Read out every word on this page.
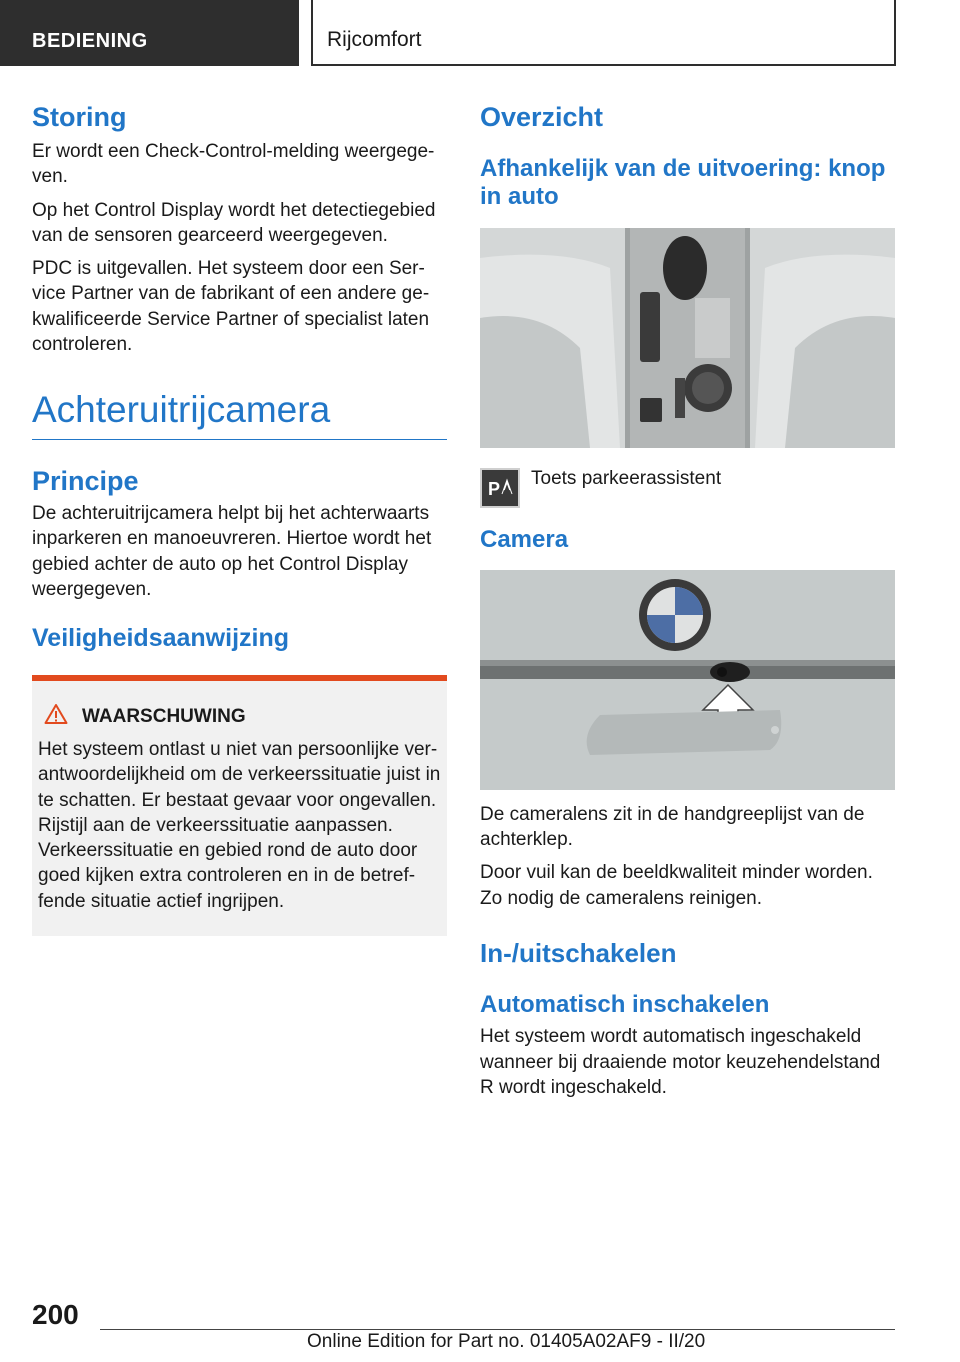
BEDIENING	Rijcomfort
Storing

Er wordt een Check-Control-melding weergegeven.

Op het Control Display wordt het detectiegebied van de sensoren gearceerd weergegeven.

PDC is uitgevallen. Het systeem door een Service Partner van de fabrikant of een andere gekwalificeerde Service Partner of specialist laten controleren.

Achteruitrijcamera
Principe

De achteruitrijcamera helpt bij het achterwaarts inparkeren en manoeuvreren. Hiertoe wordt het gebied achter de auto op het Control Display weergegeven.

Veiligheidsaanwijzing
WAARSCHUWING

Het systeem ontlast u niet van persoonlijke verantwoordelijkheid om de verkeerssituatie juist in te schatten. Er bestaat gevaar voor ongevallen. Rijstijl aan de verkeerssituatie aanpassen. Verkeerssituatie en gebied rond de auto door goed kijken extra controleren en in de betreffende situatie actief ingrijpen.

Overzicht
Afhankelijk van de uitvoering: knop in auto
P Toets parkeerassistent

Camera

De cameralens zit in de handgreeplijst van de achterklep.

Door vuil kan de beeldkwaliteit minder worden. Zo nodig de cameralens reinigen.

In-/uitschakelen
Automatisch inschakelen

Het systeem wordt automatisch ingeschakeld wanneer bij draaiende motor keuzehendelstand R wordt ingeschakeld.

200
Online Edition for Part no. 01405A02AF9 - II/20
